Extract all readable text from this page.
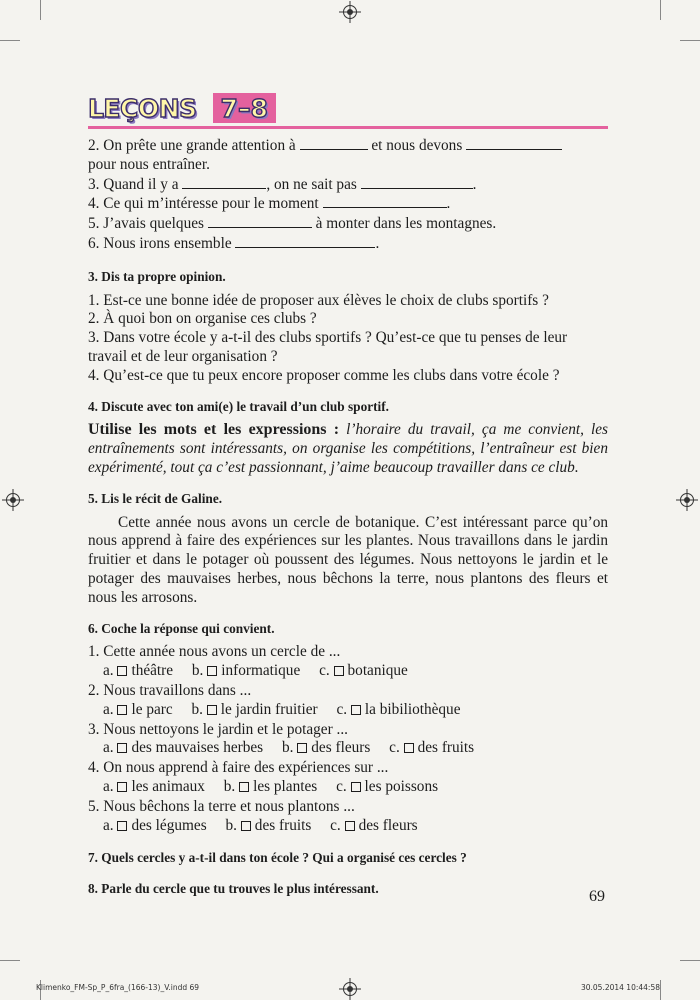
LEÇONS 7–8
2. On prête une grande attention à	et nous devons
pour nous entraîner.
3. Quand il y a	, on ne sait pas	.
4. Ce qui m’intéresse pour le moment	.
5. J’avais quelques	à monter dans les montagnes.
6. Nous irons ensemble	.
3. Dis ta propre opinion.
1. Est-ce une bonne idée de proposer aux élèves le choix de clubs sportifs ?
2. À quoi bon on organise ces clubs ?
3. Dans votre école y a-t-il des clubs sportifs ? Qu’est-ce que tu penses de leur
travail et de leur organisation ?
4. Qu’est-ce que tu peux encore proposer comme les clubs dans votre école ?
4. Discute avec ton ami(e) le travail d’un club sportif.
Utilise les mots et les expressions : l’horaire du travail, ça me convient, les entraînements sont intéressants, on organise les compétitions, l’entraîneur est bien expérimenté, tout ça c’est passionnant, j’aime beaucoup travailler dans ce club.
5. Lis le récit de Galine.
Cette année nous avons un cercle de botanique. C’est intéressant parce qu’on nous apprend à faire des expériences sur les plantes. Nous travaillons dans le jardin fruitier et dans le potager où poussent des légumes. Nous nettoyons le jardin et le potager des mauvaises herbes, nous bêchons la terre, nous plantons des fleurs et nous les arrosons.
6. Coche la réponse qui convient.
1. Cette année nous avons un cercle de ...
a. théâtre b. informatique c. botanique
2. Nous travaillons dans ...
a. le parc b. le jardin fruitier c. la bibiliothèque
3. Nous nettoyons le jardin et le potager ...
a. des mauvaises herbes b. des fleurs c. des fruits
4. On nous apprend à faire des expériences sur ...
a. les animaux b. les plantes c. les poissons
5. Nous bêchons la terre et nous plantons ...
a. des légumes b. des fruits c. des fleurs
7. Quels cercles y a-t-il dans ton école ? Qui a organisé ces cercles ?
8. Parle du cercle que tu trouves le plus intéressant.	69
Klimenko_FM-Sp_P_6fra_(166-13)_V.indd 69	30.05.2014 10:44:58
